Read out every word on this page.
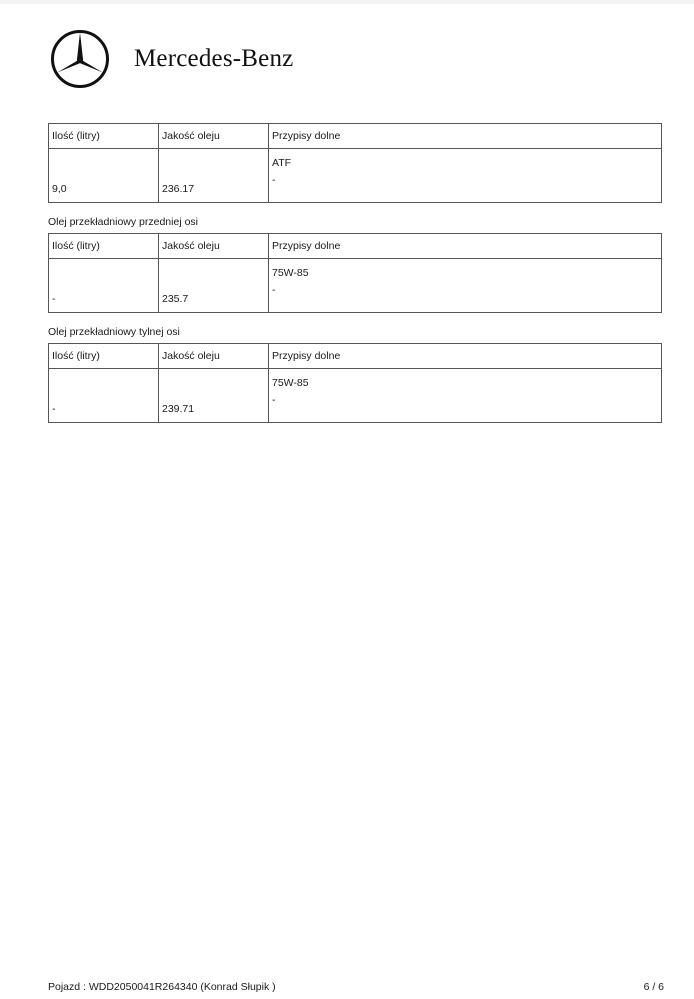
Mercedes-Benz
Ilość (litry)	Jakość oleju	Przypisy dolne
9,0	236.17	ATF
-
Olej przekładniowy przedniej osi
Ilość (litry)	Jakość oleju	Przypisy dolne
-	235.7	75W-85
-
Olej przekładniowy tylnej osi
Ilość (litry)	Jakość oleju	Przypisy dolne
-	239.71	75W-85
-
Pojazd : WDD2050041R264340 (Konrad Słupik )	6 / 6
